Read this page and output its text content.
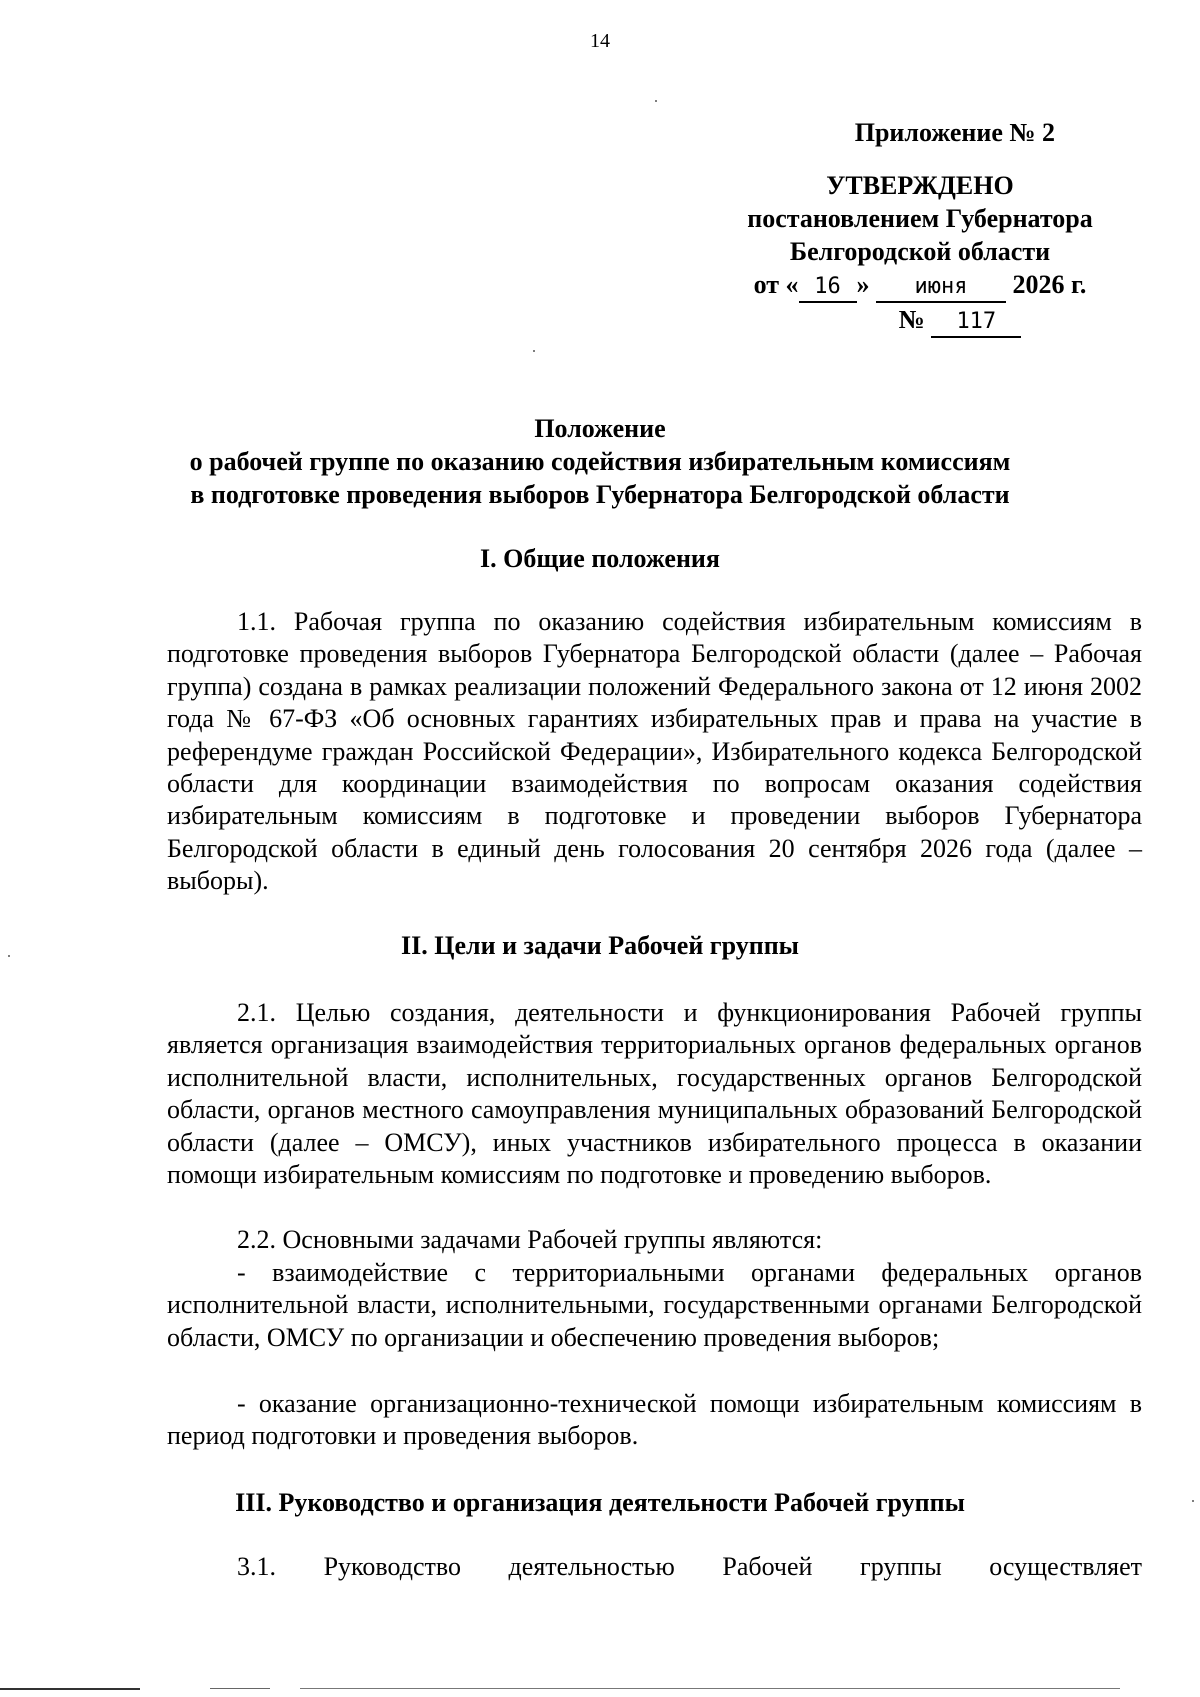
14
Приложение № 2
УТВЕРЖДЕНО
постановлением Губернатора
Белгородской области
от « 16 » июня 2026 г.
№ 117
Положение
о рабочей группе по оказанию содействия избирательным комиссиям
в подготовке проведения выборов Губернатора Белгородской области
I. Общие положения
1.1. Рабочая группа по оказанию содействия избирательным комиссиям в подготовке проведения выборов Губернатора Белгородской области (далее – Рабочая группа) создана в рамках реализации положений Федерального закона от 12 июня 2002 года № 67-ФЗ «Об основных гарантиях избирательных прав и права на участие в референдуме граждан Российской Федерации», Избирательного кодекса Белгородской области для координации взаимодействия по вопросам оказания содействия избирательным комиссиям в подготовке и проведении выборов Губернатора Белгородской области в единый день голосования 20 сентября 2026 года (далее – выборы).
II. Цели и задачи Рабочей группы
2.1. Целью создания, деятельности и функционирования Рабочей группы является организация взаимодействия территориальных органов федеральных органов исполнительной власти, исполнительных, государственных органов Белгородской области, органов местного самоуправления муниципальных образований Белгородской области (далее – ОМСУ), иных участников избирательного процесса в оказании помощи избирательным комиссиям по подготовке и проведению выборов.
2.2. Основными задачами Рабочей группы являются:
- взаимодействие с территориальными органами федеральных органов исполнительной власти, исполнительными, государственными органами Белгородской области, ОМСУ по организации и обеспечению проведения выборов;
- оказание организационно-технической помощи избирательным комиссиям в период подготовки и проведения выборов.
III. Руководство и организация деятельности Рабочей группы
3.1. Руководство деятельностью Рабочей группы осуществляет
